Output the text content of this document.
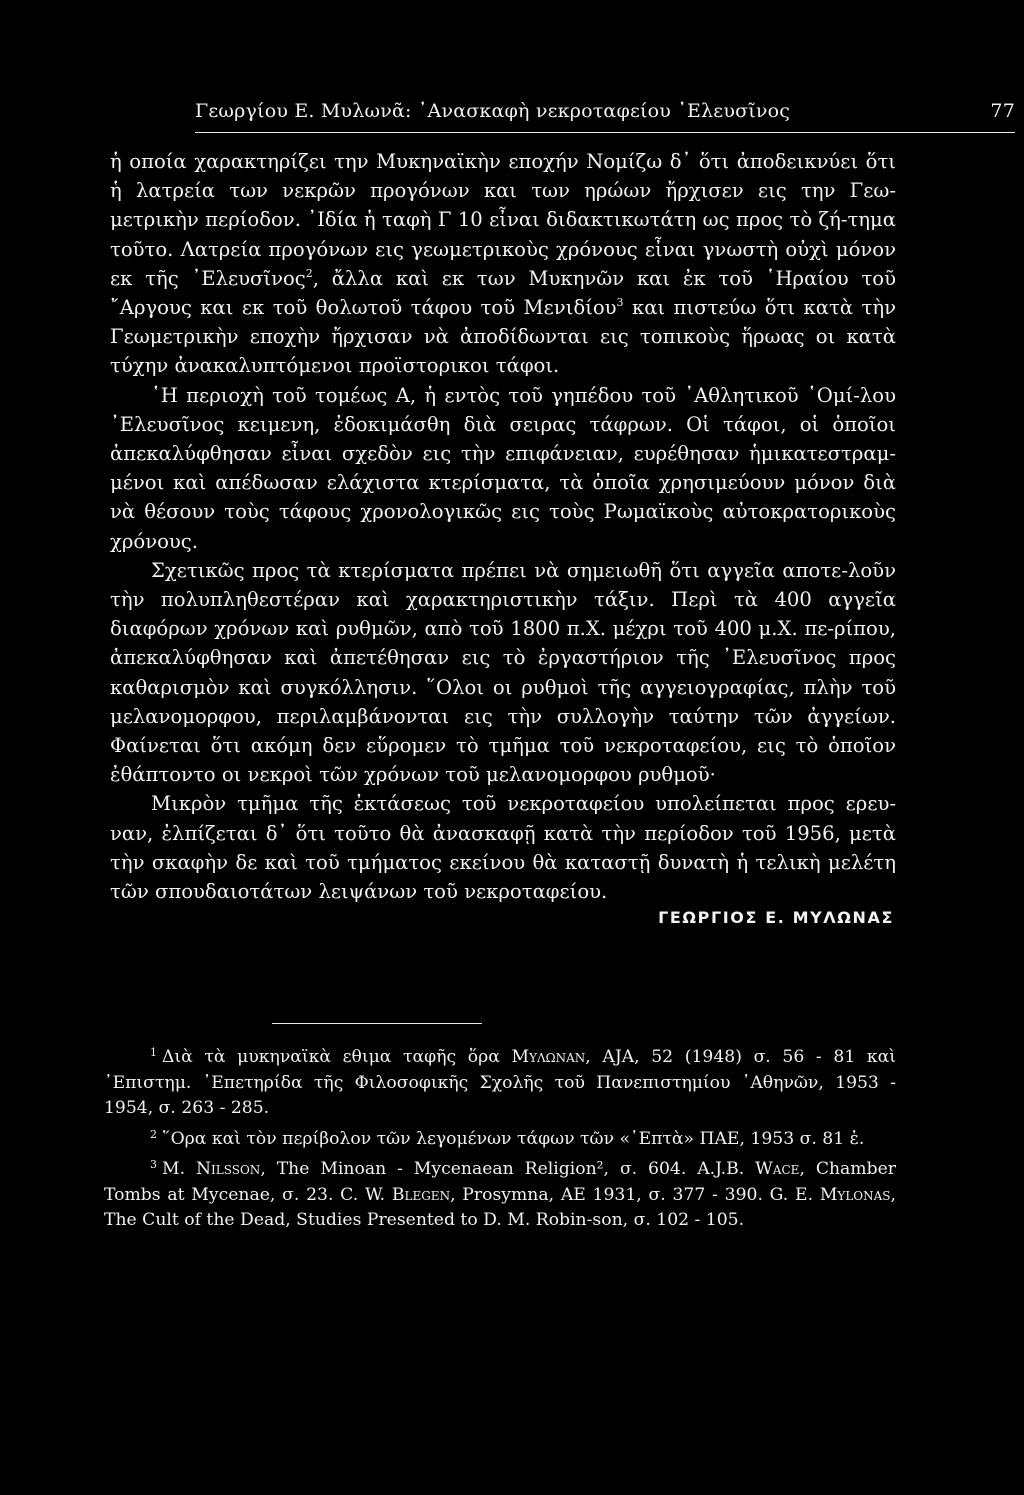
Γεωργίου Ε. Μυλωνᾶ: ᾿Ανασκαφὴ νεκροταφείου ᾿Ελευσῖνος	77

ἡ οποία χαρακτηρίζει την Μυκηναϊκὴν εποχήν Νομίζω δ᾿ ὅτι ἀποδεικνύει ὅτι ἡ λατρεία των νεκρῶν προγόνων και των ηρώων ἤρχισεν εις την Γεω-μετρικὴν περίοδον. ᾿Ιδία ἡ ταφὴ Γ 10 εἶναι διδακτικωτάτη ως προς τὸ ζή-τημα τοῦτο. Λατρεία προγόνων εις γεωμετρικοὺς χρόνους εἶναι γνωστὴ οὐχὶ μόνον εκ τῆς ᾿Ελευσῖνος$^2$, ἄλλα καὶ εκ των Μυκηνῶν και ἐκ τοῦ ῾Ηραίου τοῦ ῎Αργους και εκ τοῦ θολωτοῦ τάφου τοῦ Μενιδίου$^3$ και πιστεύω ὅτι κατὰ τὴν Γεωμετρικὴν εποχὴν ἤρχισαν νὰ ἀποδίδωνται εις τοπικοὺς ἥρωας οι κατὰ τύχην ἀνακαλυπτόμενοι προϊστορικοι τάφοι.

῾Η περιοχὴ τοῦ τομέως Α, ἡ εντὸς τοῦ γηπέδου τοῦ ᾿Αθλητικοῦ ῾Ομί-λου ᾿Ελευσῖνος κειμενη, ἐδοκιμάσθη διὰ σειρας τάφρων. Οἱ τάφοι, οἱ ὁποῖοι ἀπεκαλύφθησαν εἶναι σχεδὸν εις τὴν επιφάνειαν, ευρέθησαν ἡμικατεστραμ-μένοι καὶ απέδωσαν ελάχιστα κτερίσματα, τὰ ὁποῖα χρησιμεύουν μόνον διὰ νὰ θέσουν τοὺς τάφους χρονολογικῶς εις τοὺς Ρωμαϊκοὺς αὐτοκρατορικοὺς χρόνους.

Σχετικῶς προς τὰ κτερίσματα πρέπει νὰ σημειωθῆ ὅτι αγγεῖα αποτε-λοῦν τὴν πολυπληθεστέραν καὶ χαρακτηριστικὴν τάξιν. Περὶ τὰ 400 αγγεῖα διαφόρων χρόνων καὶ ρυθμῶν, απὸ τοῦ 1800 π.Χ. μέχρι τοῦ 400 μ.Χ. πε-ρίπου, ἀπεκαλύφθησαν καὶ ἀπετέθησαν εις τὸ ἐργαστήριον τῆς ᾿Ελευσῖνος προς καθαρισμὸν καὶ συγκόλλησιν. ῞Ολοι οι ρυθμοὶ τῆς αγγειογραφίας, πλὴν τοῦ μελανομορφου, περιλαμβάνονται εις τὴν συλλογὴν ταύτην τῶν ἀγγείων. Φαίνεται ὅτι ακόμη δεν εὕρομεν τὸ τμῆμα τοῦ νεκροταφείου, εις τὸ ὁποῖον ἐθάπτοντο οι νεκροὶ τῶν χρόνων τοῦ μελανομορφου ρυθμοῦ·

Μικρὸν τμῆμα τῆς ἐκτάσεως τοῦ νεκροταφείου υπολείπεται προς ερευ-ναν, ἐλπίζεται δ᾿ ὅτι τοῦτο θὰ ἀνασκαφῇ κατὰ τὴν περίοδον τοῦ 1956, μετὰ τὴν σκαφὴν δε καὶ τοῦ τμήματος εκείνου θὰ καταστῇ δυνατὴ ἡ τελικὴ μελέτη τῶν σπουδαιοτάτων λειψάνων τοῦ νεκροταφείου.

ΓΕΩΡΓΙΟΣ Ε. ΜΥΛΩΝΑΣ

$^1$ Διὰ τὰ μυκηναϊκὰ εθιμα ταφῆς ὅρα Μυλωνan, AJA, 52 (1948) σ. 56 - 81 καὶ ᾿Επιστημ. ᾿Επετηρίδα τῆς Φιλοσοφικῆς Σχολῆς τοῦ Πανεπιστημίου ᾿Αθηνῶν, 1953 - 1954, σ. 263 - 285.

$^2$ ῞Ορα καὶ τὸν περίβολον τῶν λεγομένων τάφων τῶν «῾Επτὰ» ΠΑΕ, 1953 σ. 81 ἑ.

$^3$ M. Nilsson, The Minoan - Mycenaean Religion², σ. 604. A.J.B. Wace, Chamber Tombs at Mycenae, σ. 23. C. W. Blegen, Prosymna, AE 1931, σ. 377 - 390. G. E. Mylonas, The Cult of the Dead, Studies Presented to D. M. Robin-son, σ. 102 - 105.
